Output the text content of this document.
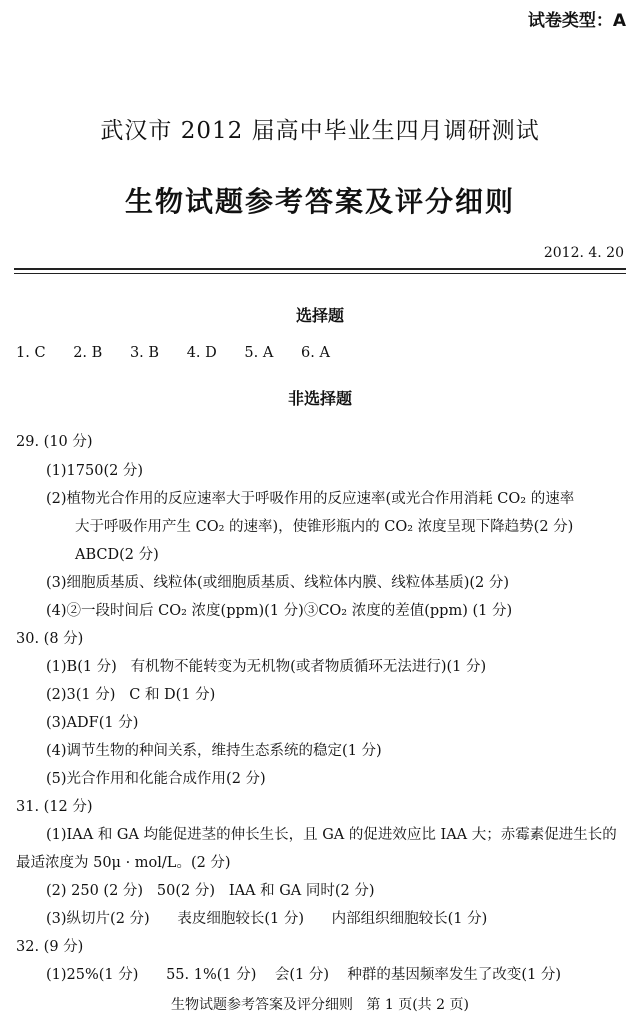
试卷类型：A
武汉市 2012 届高中毕业生四月调研测试
生物试题参考答案及评分细则
2012. 4. 20
选择题
1. C      2. B      3. B      4. D      5. A      6. A
非选择题
29. (10 分)
(1)1750(2 分)
(2)植物光合作用的反应速率大于呼吸作用的反应速率(或光合作用消耗 CO₂ 的速率
大于呼吸作用产生 CO₂ 的速率)，使锥形瓶内的 CO₂ 浓度呈现下降趋势(2 分)
ABCD(2 分)
(3)细胞质基质、线粒体(或细胞质基质、线粒体内膜、线粒体基质)(2 分)
(4)②一段时间后 CO₂ 浓度(ppm)(1 分)③CO₂ 浓度的差值(ppm) (1 分)
30. (8 分)
(1)B(1 分)   有机物不能转变为无机物(或者物质循环无法进行)(1 分)
(2)3(1 分)   C 和 D(1 分)
(3)ADF(1 分)
(4)调节生物的种间关系，维持生态系统的稳定(1 分)
(5)光合作用和化能合成作用(2 分)
31. (12 分)
(1)IAA 和 GA 均能促进茎的伸长生长，且 GA 的促进效应比 IAA 大；赤霉素促进生长的
最适浓度为 50μ · mol/L。(2 分)
(2) 250 (2 分)   50(2 分)   IAA 和 GA 同时(2 分)
(3)纵切片(2 分)      表皮细胞较长(1 分)      内部组织细胞较长(1 分)
32. (9 分)
(1)25%(1 分)      55. 1%(1 分)    会(1 分)    种群的基因频率发生了改变(1 分)
生物试题参考答案及评分细则   第 1 页(共 2 页)
